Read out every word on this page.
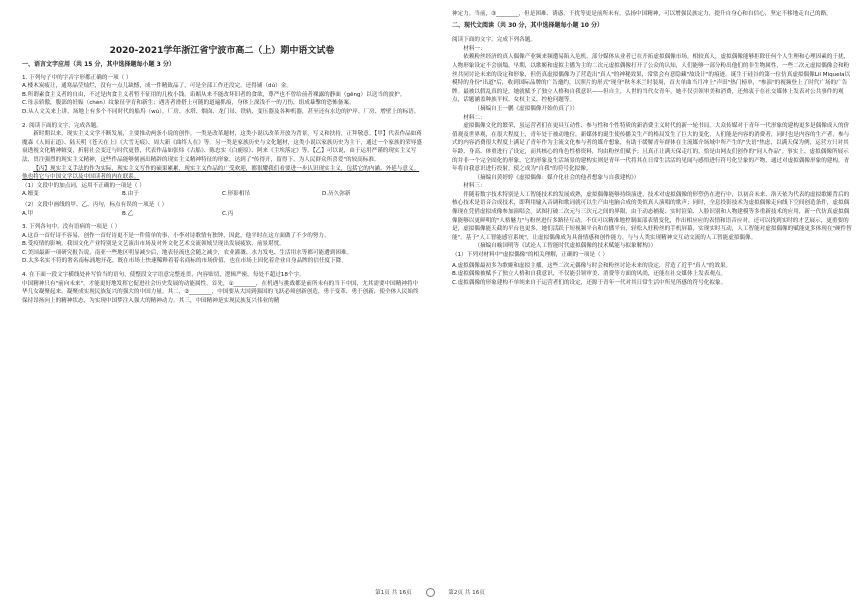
2020-2021学年浙江省宁波市高二（上）期中语文试卷
一、语言文字应用（共 15 分，其中选择题每小题 3 分）

1. 下列句子中的字音字形都正确的一项（ ）

A.楼木炭疲让，通寒晶莹灿烂，没有一点儿缺憾，成一件精致品了，可是全部工作还没完，还得铺（dú）金。

B.所谓素食主义者的自由，不过是肉食主义者暂不征用的几枚小钱。谄媚从来不能改坏旧者的食欲，尊严也不曾给前者裸露的静面（gěng）以送当的波护。

C.母亲轿傲，腹部的妊娠（chén）纹象征孕育和新生；遇害者滑搭上可随的道遍抓痕，身体上深浅不一的刀伤，组成暴擊的恐怖备案。

D.从人文关来上讲，场地上有多个不同时代的船坞（wù），厂房、水塔、烟囱、龙门吊、铁轨、变压器及各种机器，甚至还有水边的护岸、厂房、增壁上的标语。

2. 阅读下面的文字，完成各题。

新时期以来，现实主义文学不断发展，主要推动两条小说的创作。一类是改革题材，这类小说以改革开放为背景，写义和扶持，正拜敬意。【甲】代表作品如蒋魔森《人间正道》、陆天明《苍天在上》《大雪无痕》、周大新《曲终人在》等。另一类是家族历史与文化题材，这类小说以家族历史为主干，通过一个家族的荣辱盛衰透视文化精神嬗变，折射社会变迁与时代更替，代表作品如张炜《古船》、陈忠实《白鹿原》、阿来《尘埃落定》等。【乙】可以说，由于运用严谨的现实主义写法，贯注强烈的现实主义精神，这些作品能够刻画出精辟的现实主义精神特征的形象，达到了"传得开，留得下，为人民群众所喜爱"的较高标准。

【丙】现实主义手法的作为实际，现实主义写作的硕果累累，现实主义作品的广受欢迎，都很耀我们看要进一步认识现实主义，包括它的内涵、外延与意义。他也将它与中国文学以及中国读者的内在联系。

（1）文段中的加点词，运用不正确的一项是（ ）

A.嬗变	B.由于	C.形影相吊	D.历久弥新

（2）文段中画线的甲、乙、丙句，标点有误的一项是（ ）

A.甲	B.乙	C.丙

3. 下列各句中，没有语病的一项是（ ）

A.这首一首好诗不容易，创作一首好诗更不是一件简单的事，小李对诗歌情有独钟，因此，他平时在这方面做了不少的努力。

B.受疫情的影响，我国文化产业特别是文艺演出市场及对外文化艺术交流领域呈现出发展疲软、前景堪忧。

C.美国最新一项研究报告说，南亚一些地区明显减少后，地表径流也会随之减少，农业灌溉、水力发电、生活用水等都可能遭到困难。

D.太多名实不符的奢名南标涌地开花，既在市场上快速稀释着着名商标的市场价值，也在市场上因化着企业自身品牌的信任度下降。

4. 在下面一段文字横线处补写恰当的语句，使整段文字语意完整连贯，内容贴切，逻辑严密。每处不超过18个字。

中国精神只有"前向未来"，才能更好地发挥它促进社会历史发展的动能属性。首先，①________，在机遇与挑战都是前所未有的当下中国，尤其需要中国精神将中华儿女凝聚起来，凝聚成实现民族复兴的强大的中国力量。其二，②________，中国要从大国到强国的飞跃必须创新创造，勇于变革，勇于创新，使全体人民始终保持昂扬向上的精神状态，为实现中国梦注入强大的精神动力。其三，中国精神是实现民族复兴伟业的精

神定力。当前，③________，但是困难、诱惑、干扰等更是前所未有。弘扬中国精神，可以增强民族定力，提升自身心和自信心，坚定不移地走自己的路。

二、现代文阅读（共 30 分，其中选择题每小题 10 分）

阅读下面的文字，完成下列各题。

材料一：

依赖粉丝经济的真人偶像产业频来频遭易陷入危机，部分媒体从业者已在开拓虚拟偶像市场。相较真人，虚拟偶像能够拒除任何个人生理和心理因素的干扰，人物形象设定不会崩塌，早期，以歌姬和虚拟主播为主的二次元虚拟偶像打开了公众的认知，人们能够一部分粉出他们的非生物属性，一些二次元虚拟偶像会和粉丝共同讨论未来的设定和形象，但仍真虚拟偶像为了营造出"真人"的神秘效果，常常会有意隐藏"故设计"的痕迹。诞生于硅谷的第一位仿真虚拟偶像Lil Miquela以模特的身份"出道"后，收到国际品牌的广告邀约，以照片的形式"现身"秋冬米兰时装周，首夫单曲当月冲上"声田"热门榜单，"参演"的视频登上了时代广场的广告牌。最被以假乱真的是，她就赋予了独立人格和自我意识——但自主，人世的当代女青年，她不仅引领审美和消费，还热衷于在社交媒体上发表对公共事件的观点，话题涵盖种族平权、女权主义、控枪问题等。

（摘编自王一鹏《虚拟偶像开始仿真了》）

材料二：

虚拟偶像文化的繁荣，虽运营者们在更具互动性、参与性和个性特质的新消费主义时代的新一轮书局。大众传媒对于青年一代形象的建构更多是偶像成人的价值观及世界观，在很大程度上，青年处于被动地位。新媒体的诞生使传播关生产的格局发生了巨大的变化，人们能是内容的消费者，同时也是内容的生产者，参与式的内容消费很大程度上满足了青年作为主流文化参与者的媒介想象，有助于缓解青年群体在主流媒介场域中所产生的"失语"焦虑，以满天保为例，运营方只对其年龄、身高、体重进行了设定，而其核心的角色性格资料，均由粉丝们赋予；且真正让满天保走红的，恰是由网友们创作的"同人作品"。事实上，虚拟偶像所展示的并非一个完全固化的形象，它的形象及生活场景的建构实则是青年一代将其在日常生活活的见闻与感悟进行符号化呈象的产物，通过对虚拟偶像形象的建构，青年将自我意识进行投射，使之成为"自我"的符号化拟像。

（摘编自黄婷婷《虚拟偶像：媒介化社会的他者想象与自我建构》）

材料三：

伴随着数字技术特别是人工智能技术的发展成熟，虚拟偶像能够持续演进，技术对虚拟偶像的形塑仍在进行中，以初音未来、洛天依为代表的虚拟歌姬背后的核心技术是语音合成技术，即利用输入音调和歌词就可以生产由电脑合成的类似真人演唱的歌声；同时，全息投影技术为虚拟偶像走向线下空间创造条件，虚拟偶像现在凭借虚拟成像参加演唱会。试图打破二次元与三次元之间的界限，由于动态捕捉、实时渲染、人脸识别和人物建模等多重新技术的应用，新一代仿真虚拟偶像能够以更鲜明的"人格魅力"与粉丝进行多路径互动，不仅可以精准地控制面部表情变化，作出相应应的表情和语音应对，还可以找到实时的才艺展示，更重要的是，虚拟偶像能天截的平台也更多，她们活跃于短视频平台和直播平台，轻松入驻粉丝的手机屏幕，实现实时互动，人工智能对虚拟偶像的赋能更多体现在"硬件智能"，基于"人工智能感官系统"，让虚拟偶像成为具备情感和创作能力，与与人类实现精神交互动交流的人工智能虚拟偶像。

（摘编自喻国明等《试论人工智能时代虚拟偶像的技术赋能与拟象解构》）

（1）下列对材料中"虚拟偶像"的相关理解，正确的一项是（ ）

A.虚拟偶像最初多为歌姬和虚拟主播，这些二次元偶像与时会和粉丝讨论未来的设定，营造了近乎"真人"的效果。

B.虚拟偶像被赋予了独立人格和自我意识，不仅能引领审美、消费等方面的风尚，还能在社交媒体上发表观点。

C.虚拟偶像的形象建构不单纯来自于运营者们的设定，还源于青年一代对其日常生活中所见所感的符号化拟象。

第1页 共 16页	第2页 共 16页
